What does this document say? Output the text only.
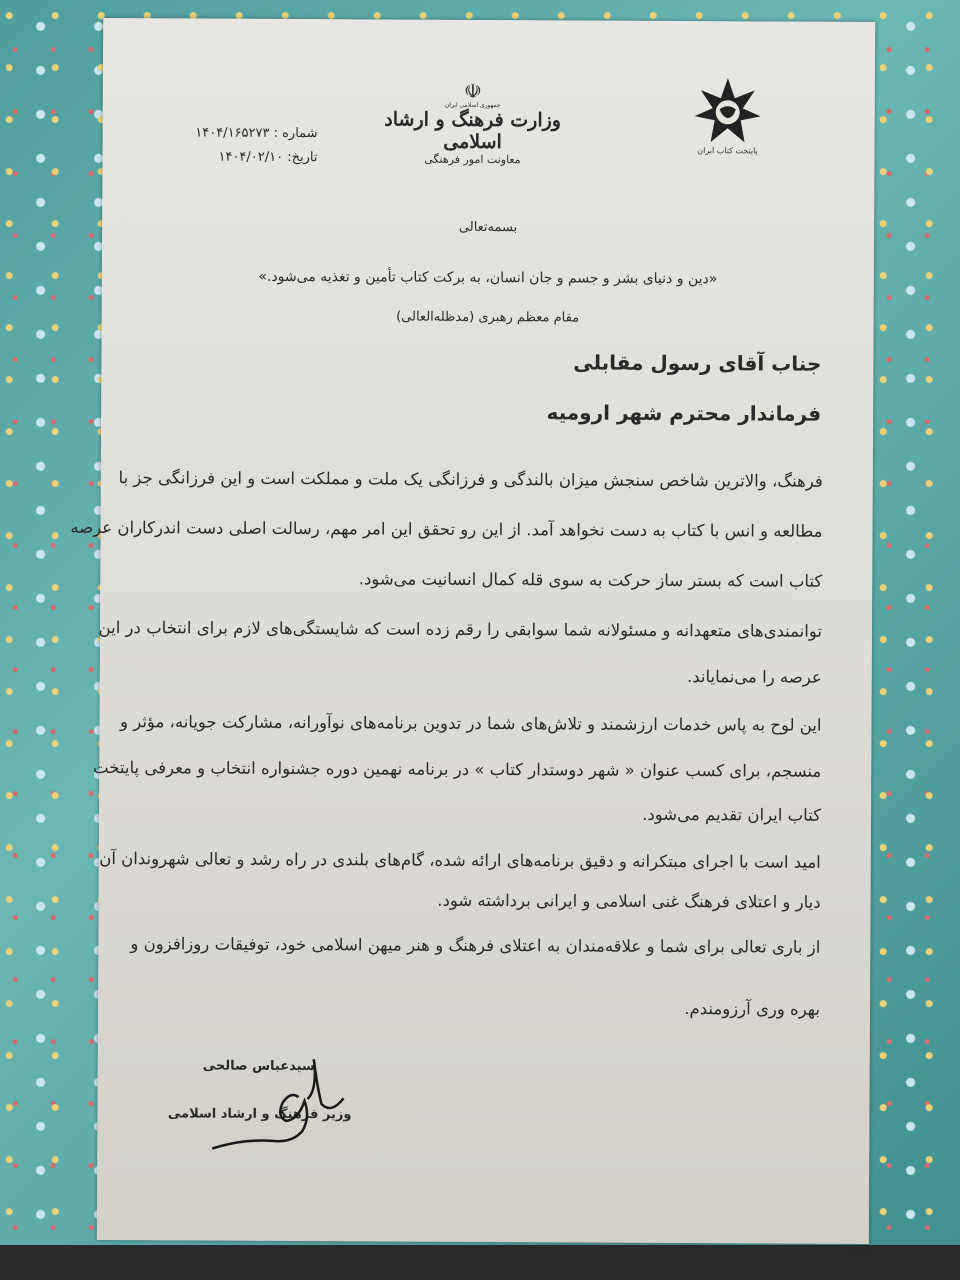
پایتخت کتاب ایران
☫
جمهوری اسلامی ایران
وزارت فرهنگ و ارشاد اسلامی
معاونت امور فرهنگی
شماره : ۱۴۰۴/۱۶۵۲۷۳
تاریخ: ۱۴۰۴/۰۲/۱۰
بسمه‌تعالی
«دین و دنیای بشر و جسم و جان انسان، به برکت کتاب تأمین و تغذیه می‌شود.»
مقام معظم رهبری (مدظله‌العالی)
جناب آقای رسول مقابلی
فرماندار محترم شهر ارومیه
فرهنگ، والاترین شاخص سنجش میزان بالندگی و فرزانگی یک ملت و مملکت است و این فرزانگی جز با
مطالعه و انس با کتاب به دست نخواهد آمد. از این رو تحقق این امر مهم، رسالت اصلی دست اندرکاران عرصه
کتاب است که بستر ساز حرکت به سوی قله کمال انسانیت می‌شود.
توانمندی‌های متعهدانه و مسئولانه شما سوابقی را رقم زده است که شایستگی‌های لازم برای انتخاب در این
عرصه را می‌نمایاند.
این لوح به پاس خدمات ارزشمند و تلاش‌های شما در تدوین برنامه‌های نوآورانه، مشارکت جویانه، مؤثر و
منسجم، برای کسب عنوان « شهر دوستدار کتاب » در برنامه نهمین دوره جشنواره انتخاب و معرفی پایتخت
کتاب ایران تقدیم می‌شود.
امید است با اجرای مبتکرانه و دقیق برنامه‌های ارائه شده، گام‌های بلندی در راه رشد و تعالی شهروندان آن
دیار و اعتلای فرهنگ غنی اسلامی و ایرانی برداشته شود.
از باری تعالی برای شما و علاقه‌مندان به اعتلای فرهنگ و هنر میهن اسلامی خود، توفیقات روزافزون و
بهره وری آرزومندم.
سیدعباس صالحی
وزیر فرهنگ و ارشاد اسلامی
